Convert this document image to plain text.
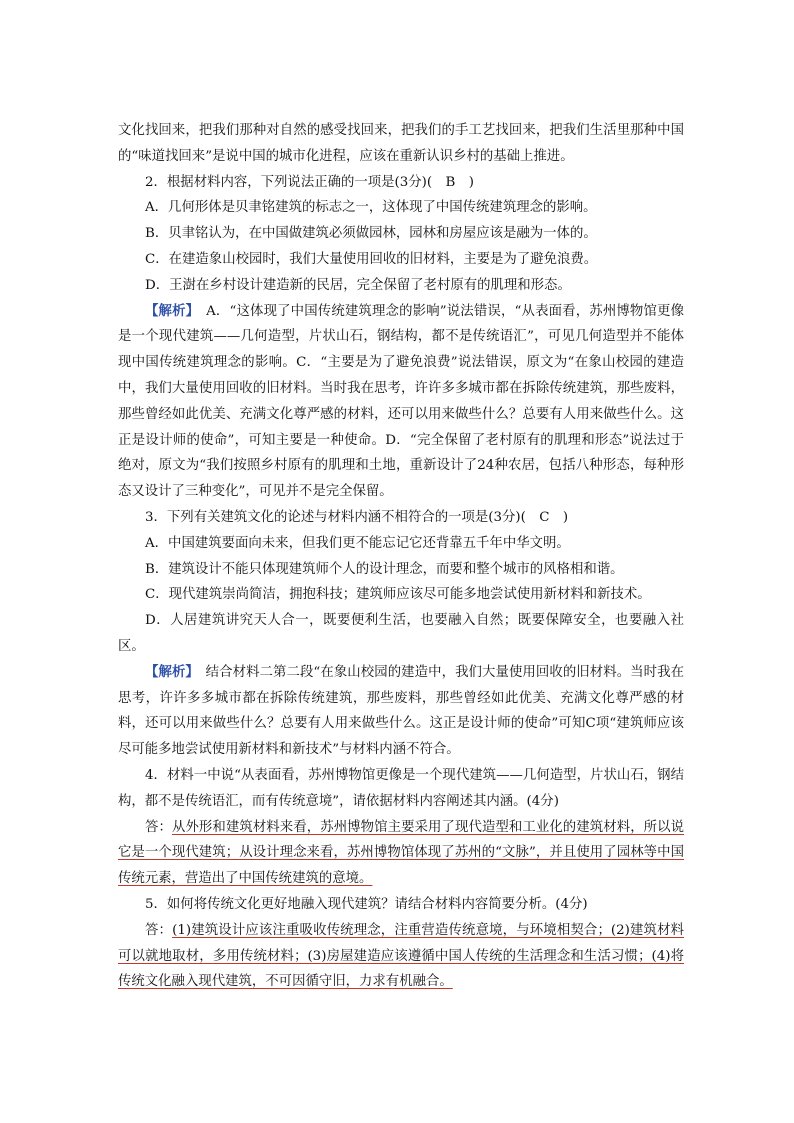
文化找回来，把我们那种对自然的感受找回来，把我们的手工艺找回来，把我们生活里那种中国的“味道找回来”是说中国的城市化进程，应该在重新认识乡村的基础上推进。

2．根据材料内容，下列说法正确的一项是(3分)(　B　)

A．几何形体是贝聿铭建筑的标志之一，这体现了中国传统建筑理念的影响。

B．贝聿铭认为，在中国做建筑必须做园林，园林和房屋应该是融为一体的。

C．在建造象山校园时，我们大量使用回收的旧材料，主要是为了避免浪费。

D．王澍在乡村设计建造新的民居，完全保留了老村原有的肌理和形态。

【解析】　A．“这体现了中国传统建筑理念的影响”说法错误，“从表面看，苏州博物馆更像是一个现代建筑——几何造型，片状山石，钢结构，都不是传统语汇”，可见几何造型并不能体现中国传统建筑理念的影响。C．“主要是为了避免浪费”说法错误，原文为“在象山校园的建造中，我们大量使用回收的旧材料。当时我在思考，许许多多城市都在拆除传统建筑，那些废料，那些曾经如此优美、充满文化尊严感的材料，还可以用来做些什么？总要有人用来做些什么。这正是设计师的使命”，可知主要是一种使命。D．“完全保留了老村原有的肌理和形态”说法过于绝对，原文为“我们按照乡村原有的肌理和土地，重新设计了24种农居，包括八种形态，每种形态又设计了三种变化”，可见并不是完全保留。

3．下列有关建筑文化的论述与材料内涵不相符合的一项是(3分)(　C　)

A．中国建筑要面向未来，但我们更不能忘记它还背靠五千年中华文明。

B．建筑设计不能只体现建筑师个人的设计理念，而要和整个城市的风格相和谐。

C．现代建筑崇尚简洁，拥抱科技；建筑师应该尽可能多地尝试使用新材料和新技术。

D．人居建筑讲究天人合一，既要便利生活，也要融入自然；既要保障安全，也要融入社区。

【解析】　结合材料二第二段“在象山校园的建造中，我们大量使用回收的旧材料。当时我在思考，许许多多城市都在拆除传统建筑，那些废料，那些曾经如此优美、充满文化尊严感的材料，还可以用来做些什么？总要有人用来做些什么。这正是设计师的使命”可知C项“建筑师应该尽可能多地尝试使用新材料和新技术”与材料内涵不符合。

4．材料一中说“从表面看，苏州博物馆更像是一个现代建筑——几何造型，片状山石，钢结构，都不是传统语汇，而有传统意境”，请依据材料内容阐述其内涵。(4分)

答：从外形和建筑材料来看，苏州博物馆主要采用了现代造型和工业化的建筑材料，所以说它是一个现代建筑；从设计理念来看，苏州博物馆体现了苏州的“文脉”，并且使用了园林等中国传统元素，营造出了中国传统建筑的意境。

5．如何将传统文化更好地融入现代建筑？请结合材料内容简要分析。(4分)

答：(1)建筑设计应该注重吸收传统理念，注重营造传统意境，与环境相契合；(2)建筑材料可以就地取材，多用传统材料；(3)房屋建造应该遵循中国人传统的生活理念和生活习惯；(4)将传统文化融入现代建筑，不可因循守旧，力求有机融合。
